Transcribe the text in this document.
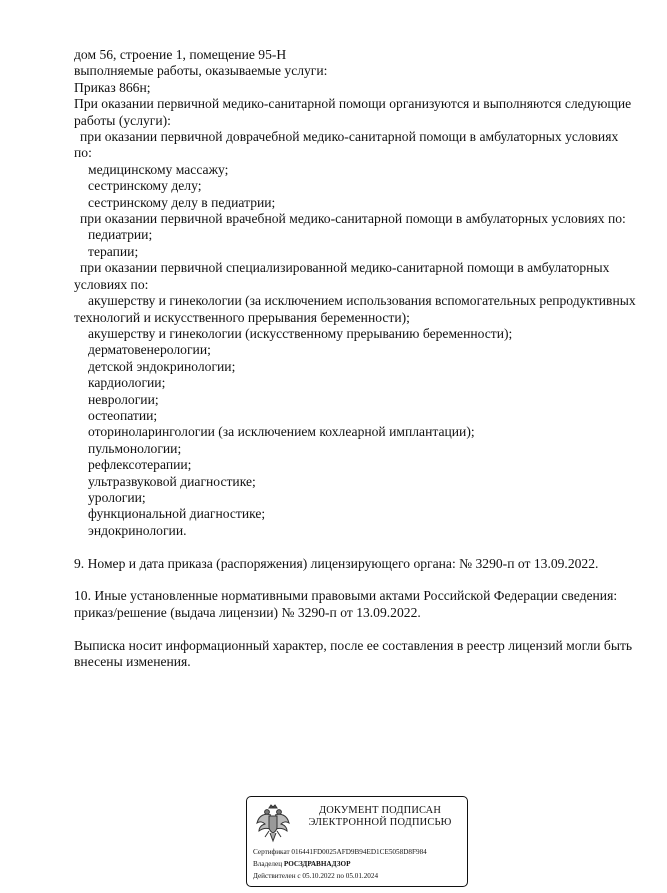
дом 56, строение 1, помещение 95-Н
выполняемые работы, оказываемые услуги:
Приказ 866н;
При оказании первичной медико-санитарной помощи организуются и выполняются следующие
работы (услуги):
при оказании первичной доврачебной медико-санитарной помощи в амбулаторных условиях
по:
медицинскому массажу;
сестринскому делу;
сестринскому делу в педиатрии;
при оказании первичной врачебной медико-санитарной помощи в амбулаторных условиях по:
педиатрии;
терапии;
при оказании первичной специализированной медико-санитарной помощи в амбулаторных
условиях по:
акушерству и гинекологии (за исключением использования вспомогательных репродуктивных
технологий и искусственного прерывания беременности);
акушерству и гинекологии (искусственному прерыванию беременности);
дерматовенерологии;
детской эндокринологии;
кардиологии;
неврологии;
остеопатии;
оториноларингологии (за исключением кохлеарной имплантации);
пульмонологии;
рефлексотерапии;
ультразвуковой диагностике;
урологии;
функциональной диагностике;
эндокринологии.
9. Номер и дата приказа (распоряжения) лицензирующего органа: № 3290-п от 13.09.2022.
10. Иные установленные нормативными правовыми актами Российской Федерации сведения:
приказ/решение (выдача лицензии) № 3290-п от 13.09.2022.
Выписка носит информационный характер, после ее составления в реестр лицензий могли быть
внесены изменения.
ДОКУМЕНТ ПОДПИСАН
ЭЛЕКТРОННОЙ ПОДПИСЬЮ
Сертификат 016441FD0025AFD9B94ED1CE5058D8F984
Владелец РОСЗДРАВНАДЗОР
Действителен с 05.10.2022 по 05.01.2024
